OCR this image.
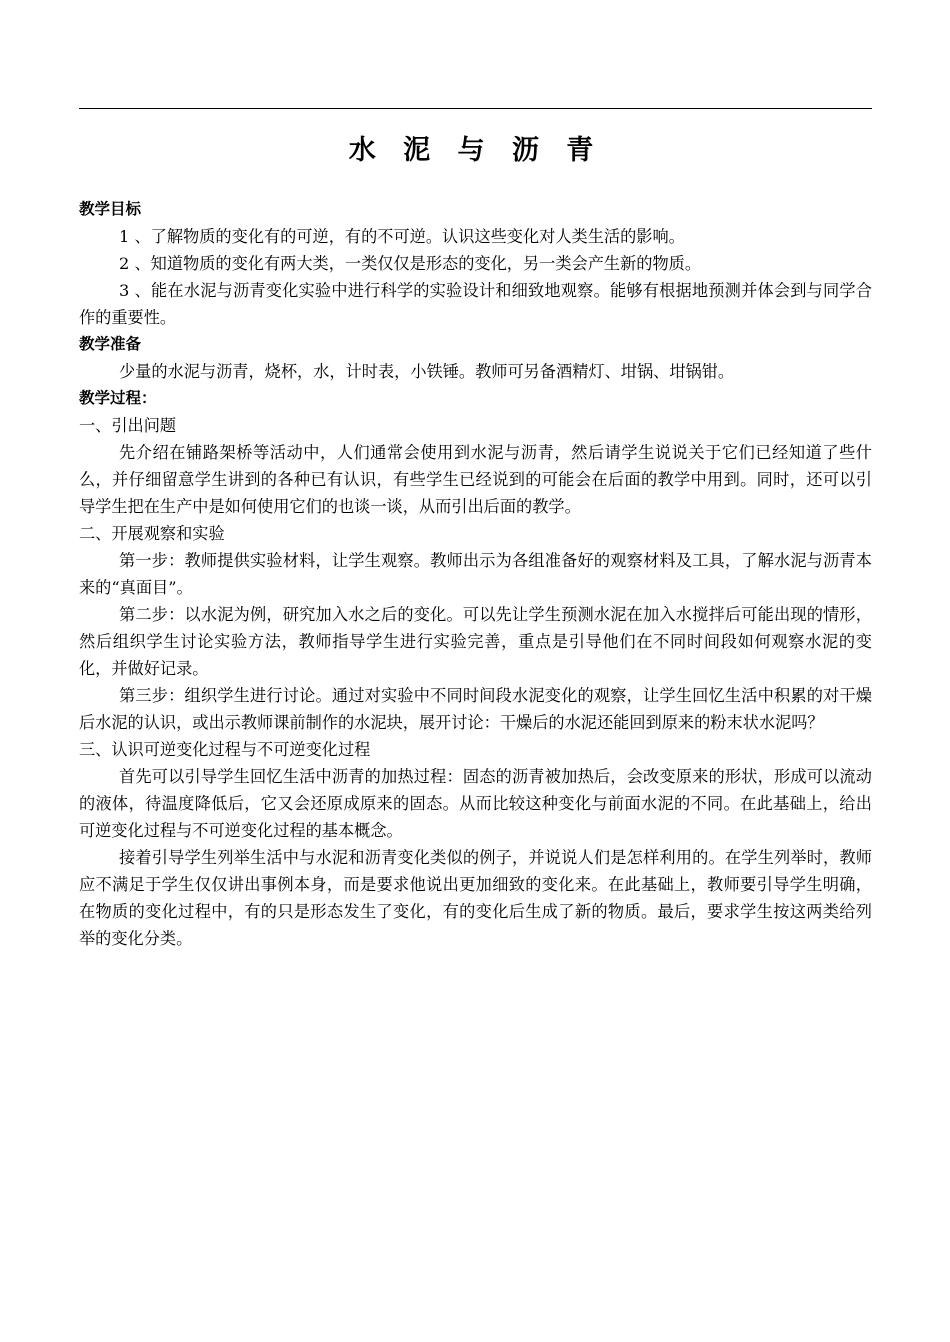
水 泥 与 沥 青

教学目标

1 、了解物质的变化有的可逆，有的不可逆。认识这些变化对人类生活的影响。

2 、知道物质的变化有两大类，一类仅仅是形态的变化，另一类会产生新的物质。

3 、能在水泥与沥青变化实验中进行科学的实验设计和细致地观察。能够有根据地预测并体会到与同学合作的重要性。

教学准备

少量的水泥与沥青，烧杯，水，计时表，小铁锤。教师可另备酒精灯、坩锅、坩锅钳。

教学过程：

一、引出问题

先介绍在铺路架桥等活动中，人们通常会使用到水泥与沥青，然后请学生说说关于它们已经知道了些什么，并仔细留意学生讲到的各种已有认识，有些学生已经说到的可能会在后面的教学中用到。同时，还可以引导学生把在生产中是如何使用它们的也谈一谈，从而引出后面的教学。

二、开展观察和实验

第一步：教师提供实验材料，让学生观察。教师出示为各组准备好的观察材料及工具，了解水泥与沥青本来的“真面目”。

第二步：以水泥为例，研究加入水之后的变化。可以先让学生预测水泥在加入水搅拌后可能出现的情形，然后组织学生讨论实验方法，教师指导学生进行实验完善，重点是引导他们在不同时间段如何观察水泥的变化，并做好记录。

第三步：组织学生进行讨论。通过对实验中不同时间段水泥变化的观察，让学生回忆生活中积累的对干燥后水泥的认识，或出示教师课前制作的水泥块，展开讨论：干燥后的水泥还能回到原来的粉末状水泥吗？

三、认识可逆变化过程与不可逆变化过程

首先可以引导学生回忆生活中沥青的加热过程：固态的沥青被加热后，会改变原来的形状，形成可以流动的液体，待温度降低后，它又会还原成原来的固态。从而比较这种变化与前面水泥的不同。在此基础上，给出可逆变化过程与不可逆变化过程的基本概念。

接着引导学生列举生活中与水泥和沥青变化类似的例子，并说说人们是怎样利用的。在学生列举时，教师应不满足于学生仅仅讲出事例本身，而是要求他说出更加细致的变化来。在此基础上，教师要引导学生明确，在物质的变化过程中，有的只是形态发生了变化，有的变化后生成了新的物质。最后，要求学生按这两类给列举的变化分类。
